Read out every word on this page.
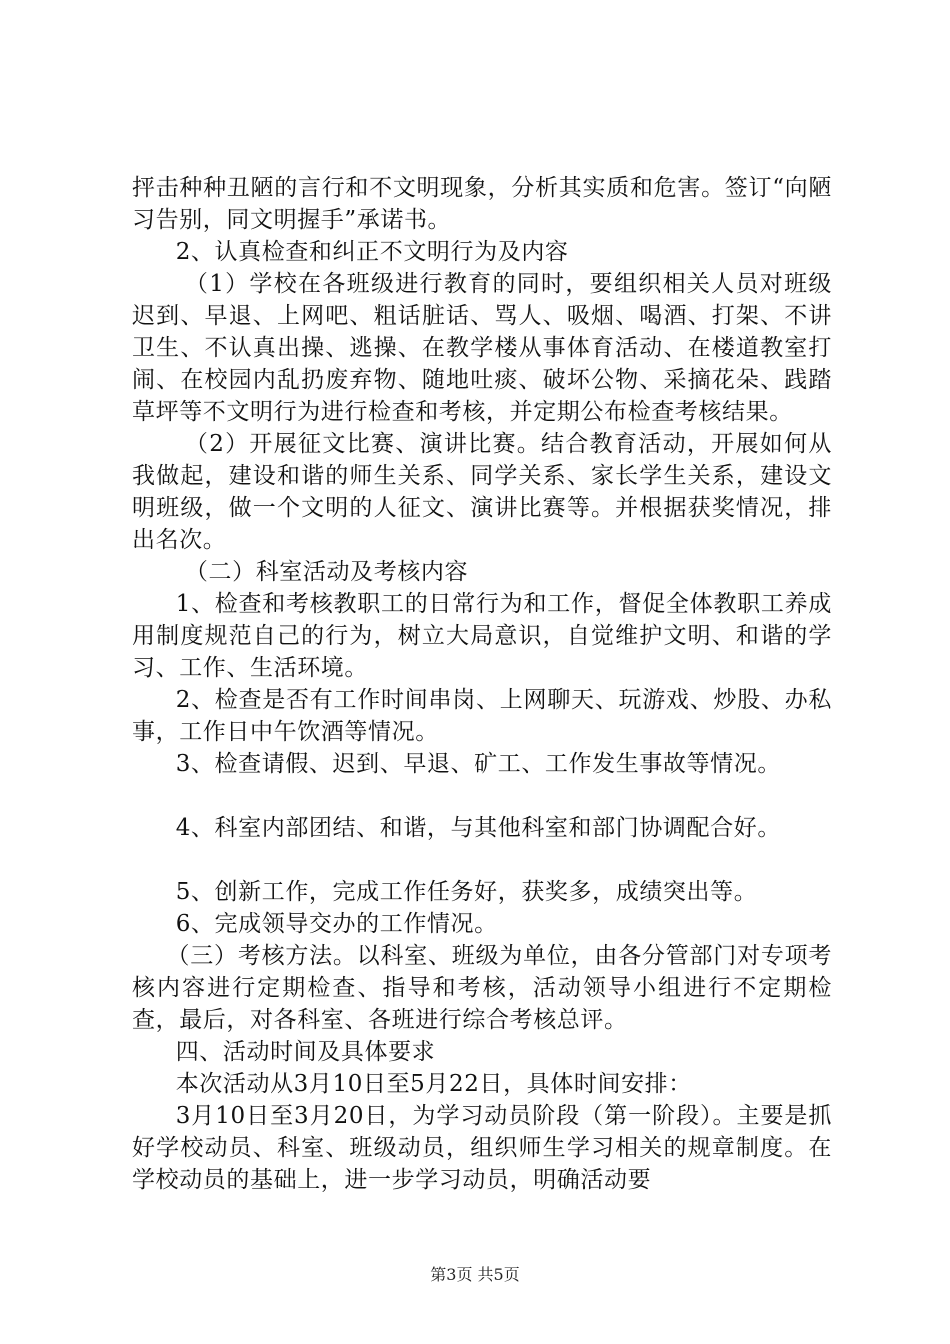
抨击种种丑陋的言行和不文明现象，分析其实质和危害。签订“向陋习告别，同文明握手”承诺书。

2、认真检查和纠正不文明行为及内容

（1）学校在各班级进行教育的同时，要组织相关人员对班级迟到、早退、上网吧、粗话脏话、骂人、吸烟、喝酒、打架、不讲卫生、不认真出操、逃操、在教学楼从事体育活动、在楼道教室打闹、在校园内乱扔废弃物、随地吐痰、破坏公物、采摘花朵、践踏草坪等不文明行为进行检查和考核，并定期公布检查考核结果。

（2）开展征文比赛、演讲比赛。结合教育活动，开展如何从我做起，建设和谐的师生关系、同学关系、家长学生关系，建设文明班级，做一个文明的人征文、演讲比赛等。并根据获奖情况，排出名次。

（二）科室活动及考核内容

1、检查和考核教职工的日常行为和工作，督促全体教职工养成用制度规范自己的行为，树立大局意识，自觉维护文明、和谐的学习、工作、生活环境。

2、检查是否有工作时间串岗、上网聊天、玩游戏、炒股、办私事，工作日中午饮酒等情况。

3、检查请假、迟到、早退、矿工、工作发生事故等情况。

4、科室内部团结、和谐，与其他科室和部门协调配合好。

5、创新工作，完成工作任务好，获奖多，成绩突出等。

6、完成领导交办的工作情况。

（三）考核方法。以科室、班级为单位，由各分管部门对专项考核内容进行定期检查、指导和考核，活动领导小组进行不定期检查，最后，对各科室、各班进行综合考核总评。

四、活动时间及具体要求

本次活动从3月10日至5月22日，具体时间安排：

3月10日至3月20日，为学习动员阶段（第一阶段）。主要是抓好学校动员、科室、班级动员，组织师生学习相关的规章制度。在学校动员的基础上，进一步学习动员，明确活动要

第3页 共5页
